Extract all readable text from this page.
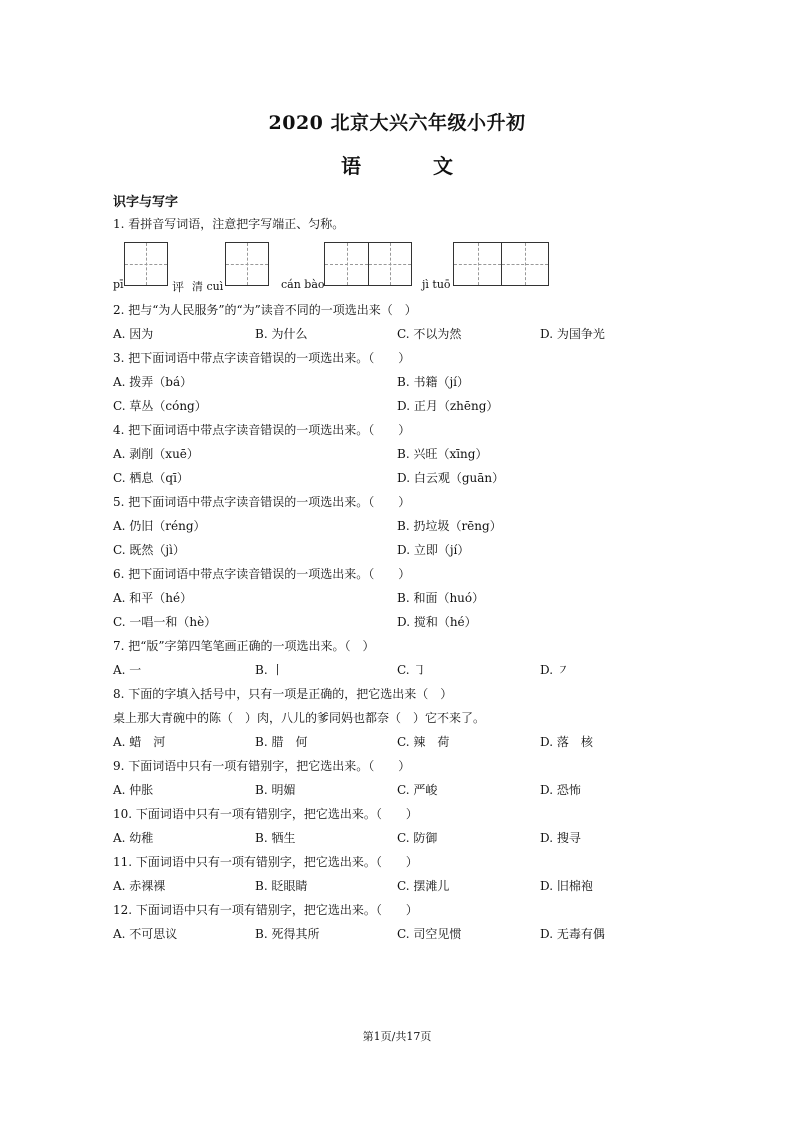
2020 北京大兴六年级小升初
语　文
识字与写字
1. 看拼音写词语，注意把字写端正、匀称。
pī	评 清 cuì	cán bào	jì tuō
2. 把与“为人民服务”的“为”读音不同的一项选出来（　）
A. 因为	B. 为什么	C. 不以为然	D. 为国争光
3. 把下面词语中带点字读音错误的一项选出来。（　　）
A. 拨弄（bá）	B. 书籍（jí）
C. 草丛（cóng）	D. 正月（zhēng）
4. 把下面词语中带点字读音错误的一项选出来。（　　）
A. 剥削（xuē）	B. 兴旺（xīng）
C. 栖息（qī）	D. 白云观（guān）
5. 把下面词语中带点字读音错误的一项选出来。（　　）
A. 仍旧（réng）	B. 扔垃圾（rēng）
C. 既然（jì）	D. 立即（jí）
6. 把下面词语中带点字读音错误的一项选出来。（　　）
A. 和平（hé）	B. 和面（huó）
C. 一唱一和（hè）	D. 搅和（hé）
7. 把“版”字第四笔笔画正确的一项选出来。（　）
A. 一	B. 丨	C. ㇆	D. ㇇
8. 下面的字填入括号中，只有一项是正确的，把它选出来（　）
桌上那大青碗中的陈（　）肉，八儿的爹同妈也都奈（　）它不来了。
A. 蜡　河	B. 腊　何	C. 辣　荷	D. 落　核
9. 下面词语中只有一项有错别字，把它选出来。（　　）
A. 仲胀	B. 明媚	C. 严峻	D. 恐怖
10. 下面词语中只有一项有错别字，把它选出来。（　　）
A. 幼稚	B. 牺生	C. 防御	D. 搜寻
11. 下面词语中只有一项有错别字，把它选出来。（　　）
A. 赤裸裸	B. 眨眼睛	C. 摆滩儿	D. 旧棉袍
12. 下面词语中只有一项有错别字，把它选出来。（　　）
A. 不可思议	B. 死得其所	C. 司空见惯	D. 无毒有偶
第1页/共17页
